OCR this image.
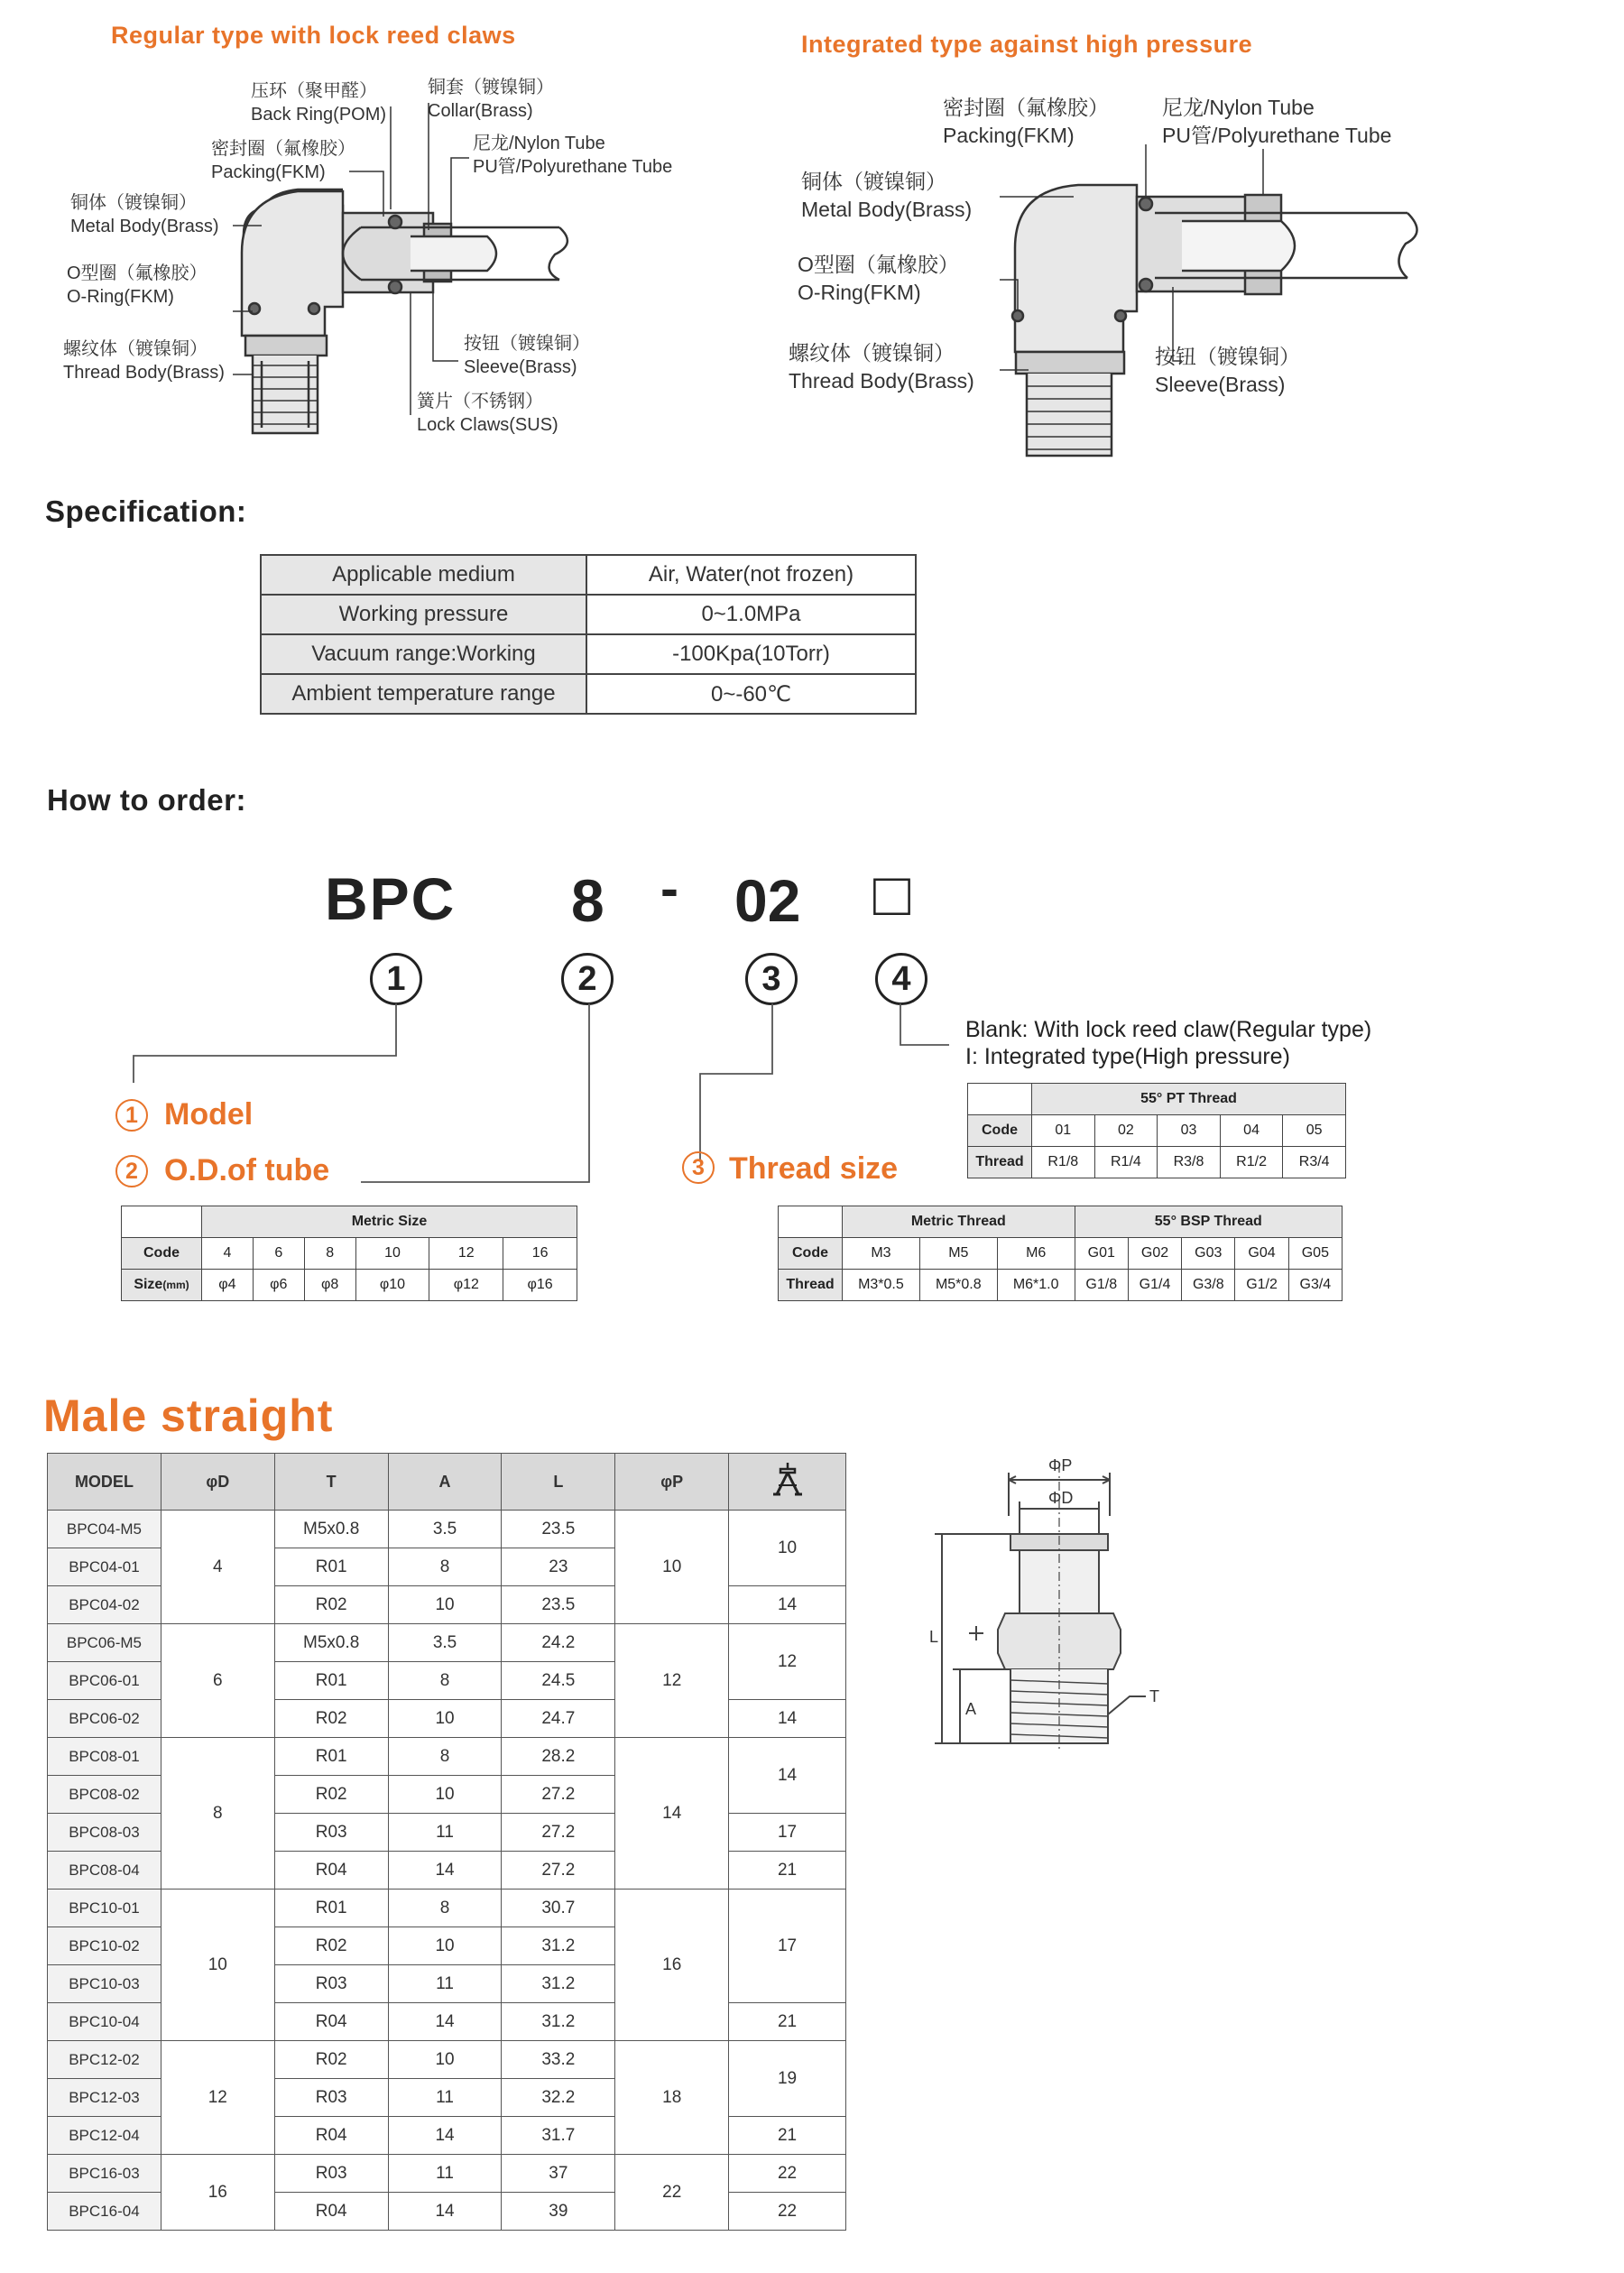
Regular type with lock reed claws	Integrated type against high pressure
压环（聚甲醛）
Back Ring(POM)
铜套（镀镍铜）
Collar(Brass)
密封圈（氟橡胶）
Packing(FKM)
尼龙/Nylon Tube
PU管/Polyurethane Tube
铜体（镀镍铜）
Metal Body(Brass)
O型圈（氟橡胶）
O-Ring(FKM)
螺纹体（镀镍铜）
Thread Body(Brass)
按钮（镀镍铜）
Sleeve(Brass)
簧片（不锈钢）
Lock Claws(SUS)
密封圈（氟橡胶）
Packing(FKM)
尼龙/Nylon Tube
PU管/Polyurethane Tube
铜体（镀镍铜）
Metal Body(Brass)
O型圈（氟橡胶）
O-Ring(FKM)
螺纹体（镀镍铜）
Thread Body(Brass)
按钮（镀镍铜）
Sleeve(Brass)
Specification:
Applicable medium	Air, Water(not frozen)
Working pressure	0~1.0MPa
Vacuum range:Working	-100Kpa(10Torr)
Ambient temperature range	0~-60℃
How to order:
BPC 8 - 02 □
1	2	3	4
Blank: With lock reed claw(Regular type)
I: Integrated type(High pressure)
1 Model
2 O.D.of tube	3 Thread size
	55° PT Thread				
Code	01	02	03	04	05
Thread	R1/8	R1/4	R3/8	R1/2	R3/4
	Metric Size					
Code	4	6	8	10	12	16
Size(mm)	φ4	φ6	φ8	φ10	φ12	φ16
	Metric Thread			55° BSP Thread				
Code	M3	M5	M6	G01	G02	G03	G04	G05
Thread	M3*0.5	M5*0.8	M6*1.0	G1/8	G1/4	G3/8	G1/2	G3/4
Male straight
MODEL	φD	T	A	L	φP	
BPC04-M5	4	M5x0.8	3.5	23.5	10	10
BPC04-01		R01	8	23		
BPC04-02		R02	10	23.5		14
BPC06-M5	6	M5x0.8	3.5	24.2	12	12
BPC06-01		R01	8	24.5		
BPC06-02		R02	10	24.7		14
BPC08-01	8	R01	8	28.2	14	14
BPC08-02		R02	10	27.2		
BPC08-03		R03	11	27.2		17
BPC08-04		R04	14	27.2		21
BPC10-01	10	R01	8	30.7	16	17
BPC10-02		R02	10	31.2		
BPC10-03		R03	11	31.2		
BPC10-04		R04	14	31.2		21
BPC12-02	12	R02	10	33.2	18	19
BPC12-03		R03	11	32.2		
BPC12-04		R04	14	31.7		21
BPC16-03	16	R03	11	37	22	22
BPC16-04		R04	14	39		22
ΦP
ΦD
L
A
T
